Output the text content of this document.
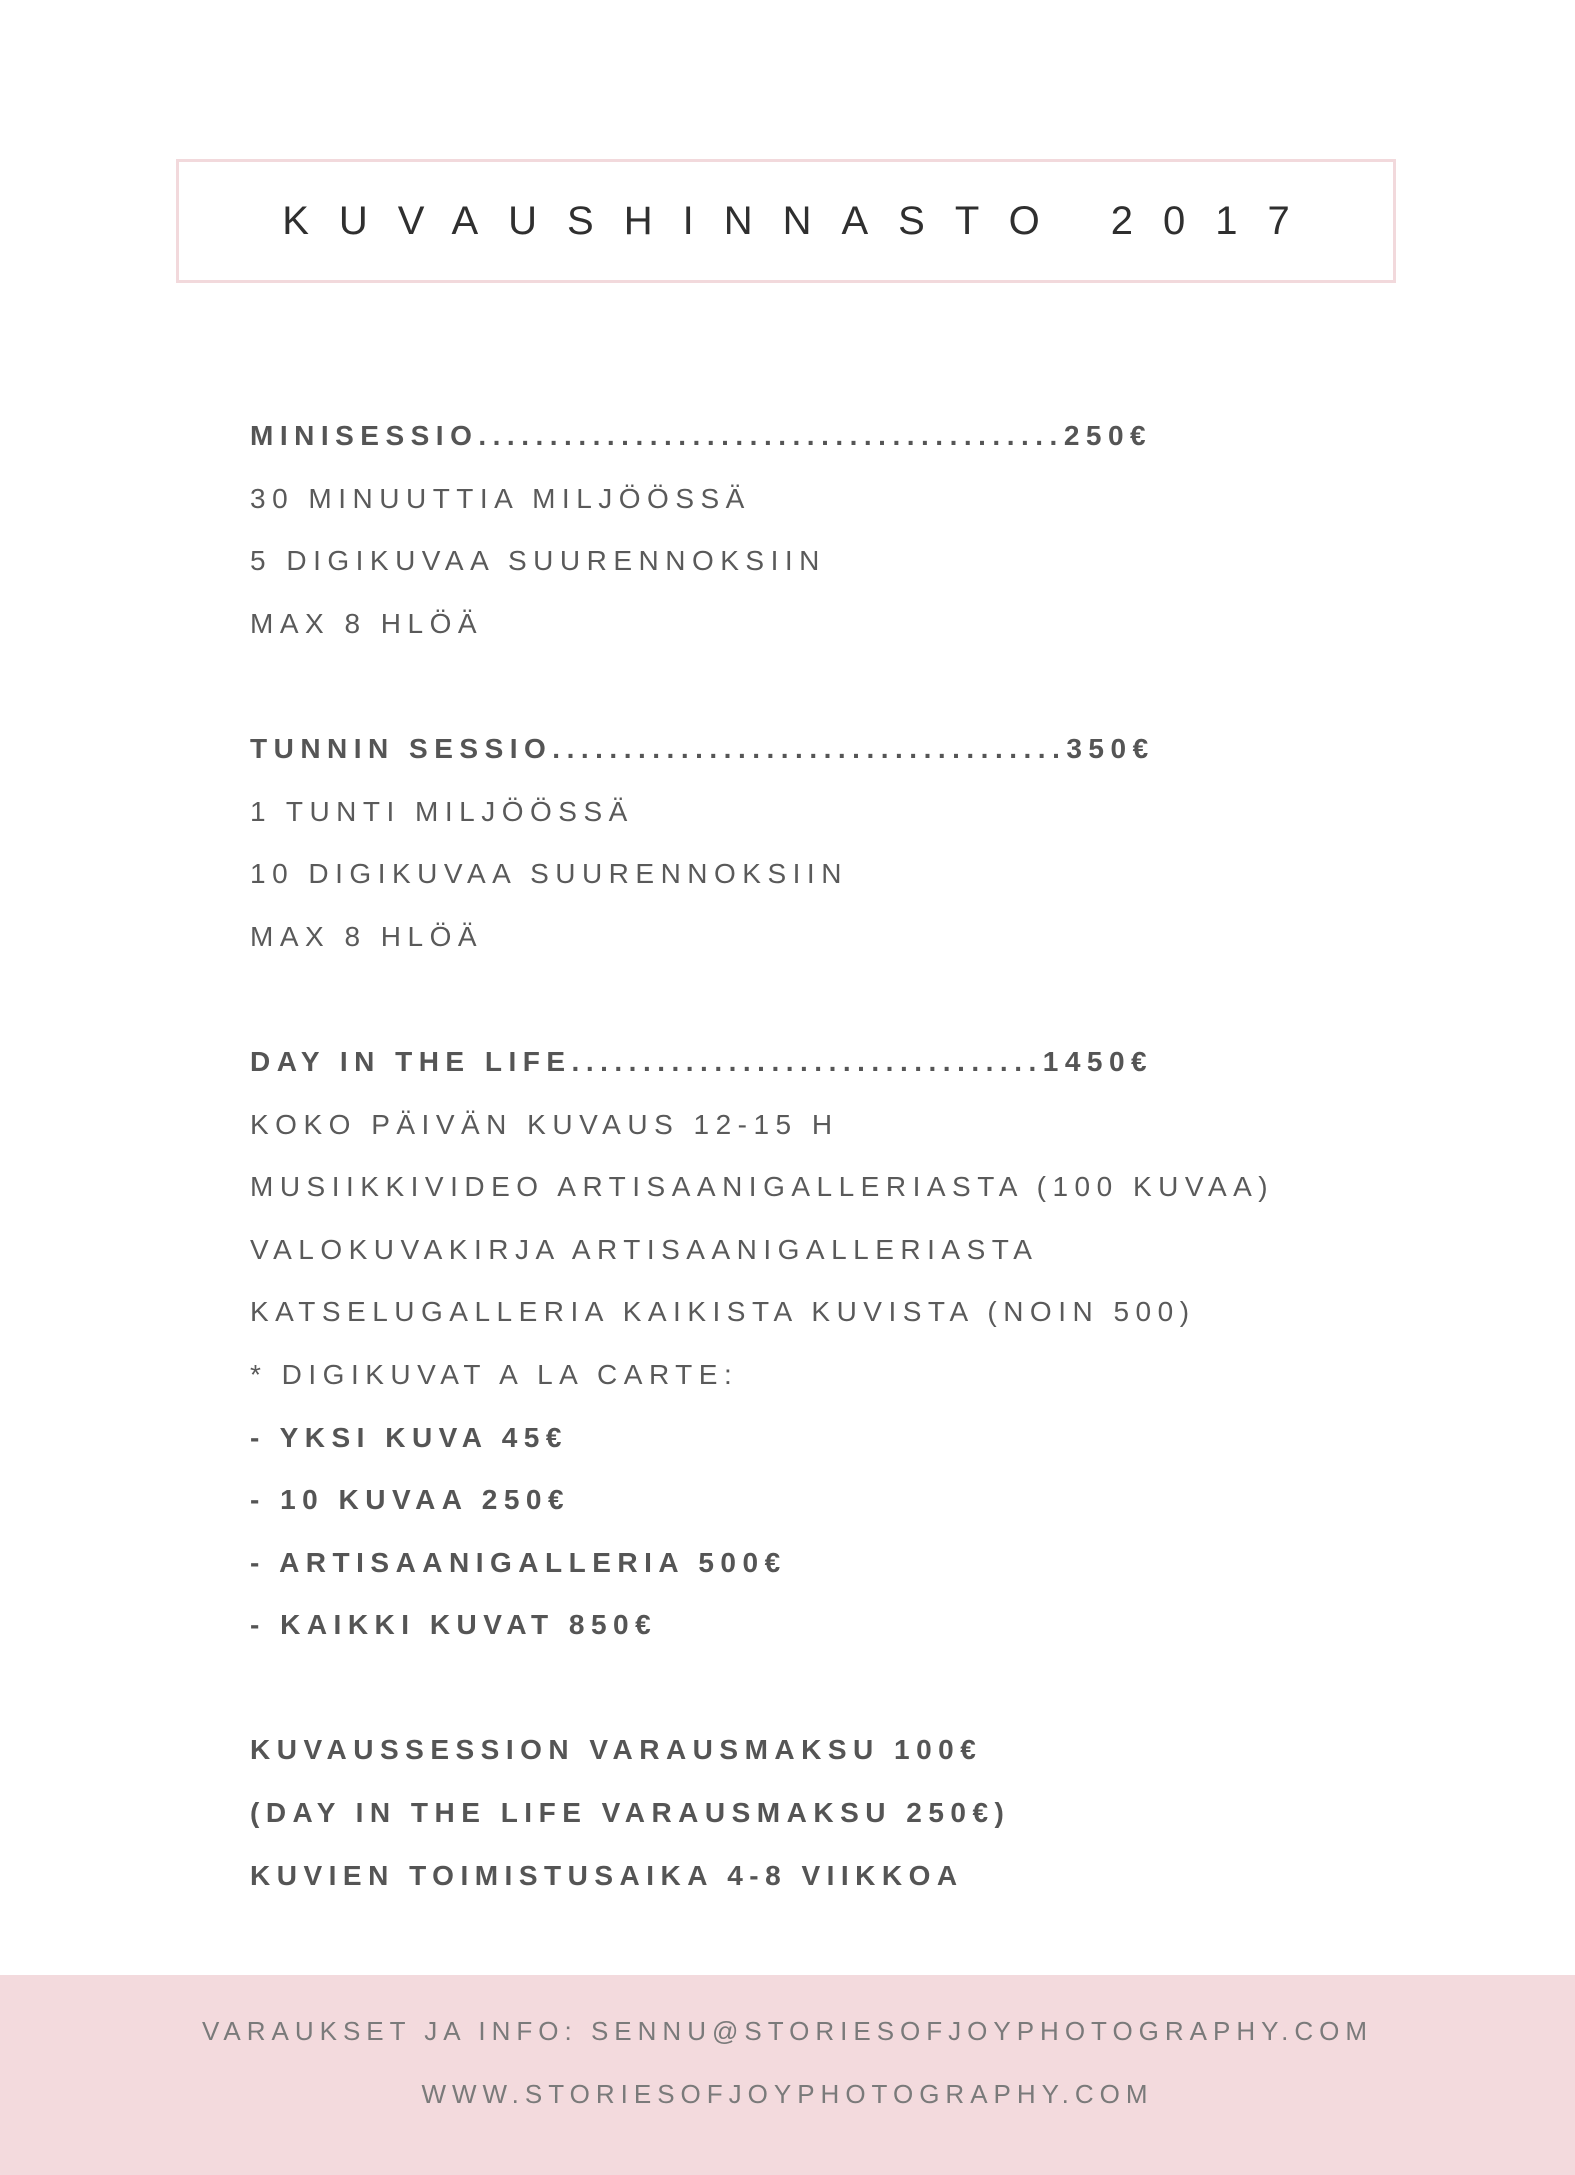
KUVAUSHINNASTO 2017
MINISESSIO.........................................250€
30 MINUUTTIA MILJÖÖSSÄ
5 DIGIKUVAA SUURENNOKSIIN
MAX 8 HLÖÄ
TUNNIN SESSIO....................................350€
1 TUNTI MILJÖÖSSÄ
10 DIGIKUVAA SUURENNOKSIIN
MAX 8 HLÖÄ
DAY IN THE LIFE.................................1450€
KOKO PÄIVÄN KUVAUS 12-15 H
MUSIIKKIVIDEO ARTISAANIGALLERIASTA (100 KUVAA)
VALOKUVAKIRJA ARTISAANIGALLERIASTA
KATSELUGALLERIA KAIKISTA KUVISTA (NOIN 500)
* DIGIKUVAT A LA CARTE:
- YKSI KUVA 45€
- 10 KUVAA 250€
- ARTISAANIGALLERIA 500€
- KAIKKI KUVAT 850€
KUVAUSSESSION VARAUSMAKSU 100€
(DAY IN THE LIFE VARAUSMAKSU 250€)
KUVIEN TOIMISTUSAIKA 4-8 VIIKKOA
VARAUKSET JA INFO: SENNU@STORIESOFJOYPHOTOGRAPHY.COM
WWW.STORIESOFJOYPHOTOGRAPHY.COM
